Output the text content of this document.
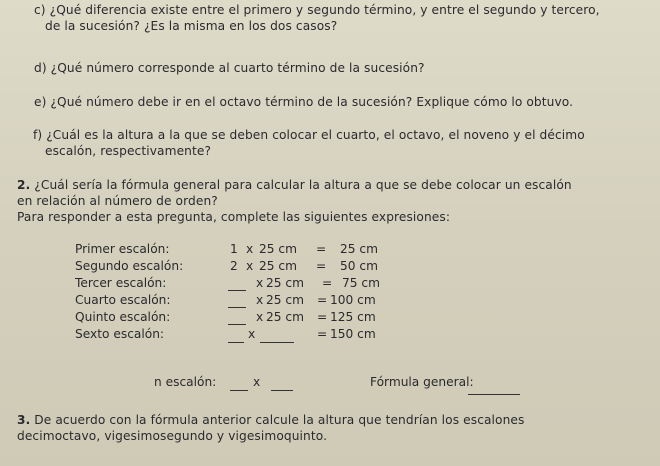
c) ¿Qué diferencia existe entre el primero y segundo término, y entre el segundo y tercero,
de la sucesión? ¿Es la misma en los dos casos?
d) ¿Qué número corresponde al cuarto término de la sucesión?
e) ¿Qué número debe ir en el octavo término de la sucesión? Explique cómo lo obtuvo.
f) ¿Cuál es la altura a la que se deben colocar el cuarto, el octavo, el noveno y el décimo
escalón, respectivamente?
2. ¿Cuál sería la fórmula general para calcular la altura a que se debe colocar un escalón
en relación al número de orden?
Para responder a esta pregunta, complete las siguientes expresiones:
Primer escalón:	1 x 25 cm = 25 cm
Segundo escalón:	2 x 25 cm = 50 cm
Tercer escalón:	x 25 cm = 75 cm
Cuarto escalón:	x 25 cm = 100 cm
Quinto escalón:	x 25 cm = 125 cm
Sexto escalón:	x	= 150 cm
n escalón:	x	Fórmula general:
3. De acuerdo con la fórmula anterior calcule la altura que tendrían los escalones
decimoctavo, vigesimosegundo y vigesimoquinto.
